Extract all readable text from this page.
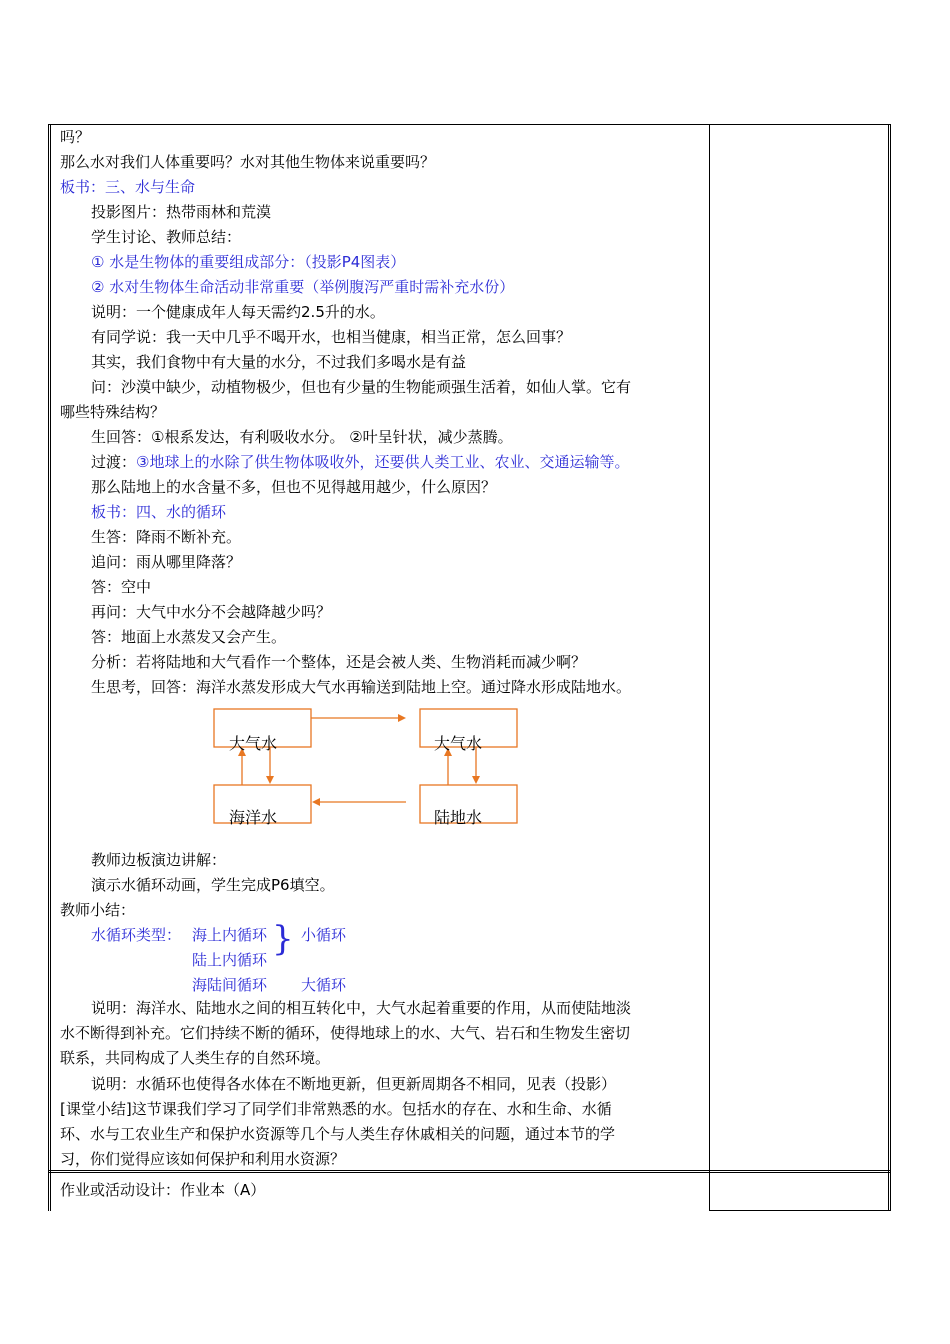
吗？
那么水对我们人体重要吗？水对其他生物体来说重要吗？
板书：三、水与生命
投影图片：热带雨林和荒漠
学生讨论、教师总结：
① 水是生物体的重要组成部分：（投影P4图表）
② 水对生物体生命活动非常重要（举例腹泻严重时需补充水份）
说明：一个健康成年人每天需约2.5升的水。
有同学说：我一天中几乎不喝开水，也相当健康，相当正常，怎么回事？
其实，我们食物中有大量的水分，不过我们多喝水是有益
问：沙漠中缺少，动植物极少，但也有少量的生物能顽强生活着，如仙人掌。它有
哪些特殊结构？
生回答：①根系发达，有利吸收水分。 ②叶呈针状，减少蒸腾。
过渡：③地球上的水除了供生物体吸收外，还要供人类工业、农业、交通运输等。
那么陆地上的水含量不多，但也不见得越用越少，什么原因？
板书：四、水的循环
生答：降雨不断补充。
追问：雨从哪里降落？
答：空中
再问：大气中水分不会越降越少吗？
答：地面上水蒸发又会产生。
分析：若将陆地和大气看作一个整体，还是会被人类、生物消耗而减少啊？
生思考，回答：海洋水蒸发形成大气水再输送到陆地上空。通过降水形成陆地水。
大气水
海洋水
大气水
陆地水
教师边板演边讲解：
演示水循环动画，学生完成P6填空。
教师小结：
水循环类型： 海上内循环
陆上内循环
海陆间循环
} 小循环
大循环
说明：海洋水、陆地水之间的相互转化中，大气水起着重要的作用，从而使陆地淡
水不断得到补充。它们持续不断的循环，使得地球上的水、大气、岩石和生物发生密切
联系，共同构成了人类生存的自然环境。
说明：水循环也使得各水体在不断地更新，但更新周期各不相同，见表（投影）
[课堂小结]这节课我们学习了同学们非常熟悉的水。包括水的存在、水和生命、水循
环、水与工农业生产和保护水资源等几个与人类生存休戚相关的问题，通过本节的学
习，你们觉得应该如何保护和利用水资源？
作业或活动设计：作业本（A）
